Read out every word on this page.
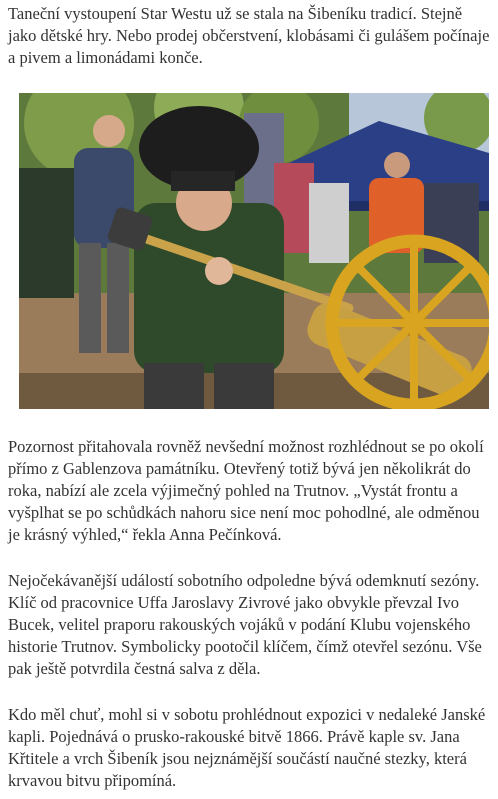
Taneční vystoupení Star Westu už se stala na Šibeníku tradicí. Stejně jako dětské hry. Nebo prodej občerstvení, klobásami či gulášem počínaje a pivem a limonádami konče.

Pozornost přitahovala rovněž nevšední možnost rozhlédnout se po okolí přímo z Gablenzova památníku. Otevřený totiž bývá jen několikrát do roka, nabízí ale zcela výjimečný pohled na Trutnov. „Vystát frontu a vyšplhat se po schůdkách nahoru sice není moc pohodlné, ale odměnou je krásný výhled,“ řekla Anna Pečínková.

Nejočekávanější událostí sobotního odpoledne bývá odemknutí sezóny. Klíč od pracovnice Uffa Jaroslavy Zivrové jako obvykle převzal Ivo Bucek, velitel praporu rakouských vojáků v podání Klubu vojenského historie Trutnov. Symbolicky pootočil klíčem, čímž otevřel sezónu. Vše pak ještě potvrdila čestná salva z děla.

Kdo měl chuť, mohl si v sobotu prohlédnout expozici v nedaleké Janské kapli. Pojednává o prusko-rakouské bitvě 1866. Právě kaple sv. Jana Křtitele a vrch Šibeník jsou nejznámější součástí naučné stezky, která krvavou bitvu připomíná.
